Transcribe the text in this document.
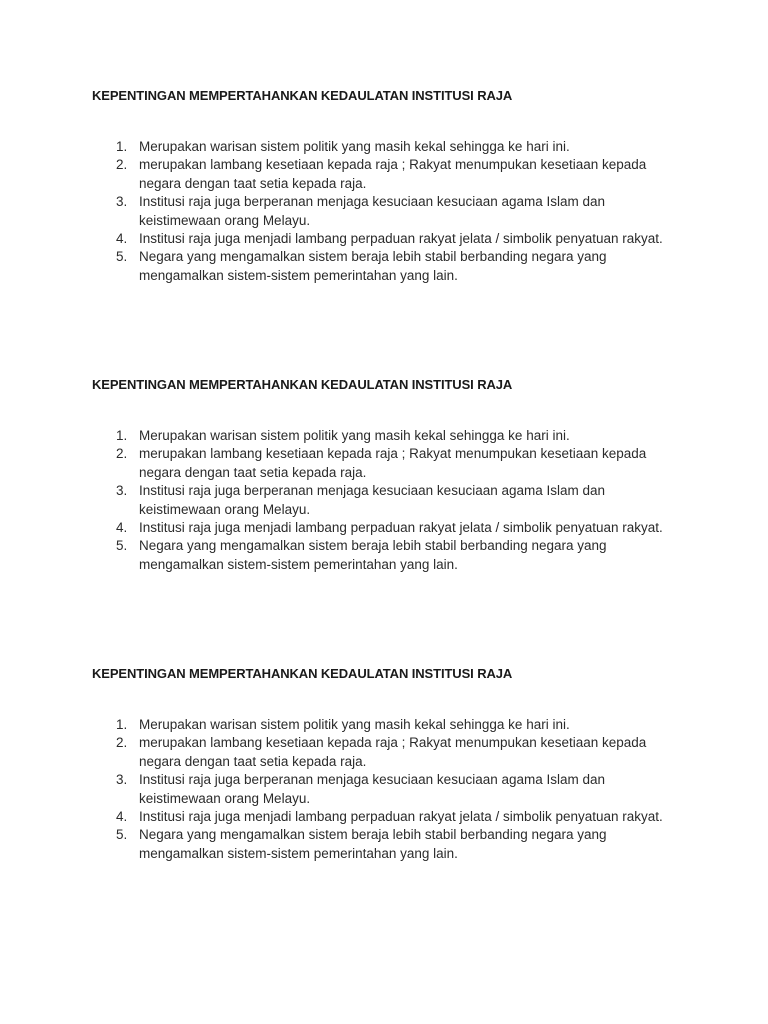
KEPENTINGAN MEMPERTAHANKAN KEDAULATAN INSTITUSI RAJA
1. Merupakan warisan sistem politik yang masih kekal sehingga ke hari ini.
2. merupakan lambang kesetiaan kepada raja ; Rakyat menumpukan kesetiaan kepada negara dengan taat setia kepada raja.
3. Institusi raja juga berperanan menjaga kesuciaan kesuciaan agama Islam dan keistimewaan orang Melayu.
4. Institusi raja juga menjadi lambang perpaduan rakyat jelata / simbolik penyatuan rakyat.
5. Negara yang mengamalkan sistem beraja lebih stabil berbanding negara yang mengamalkan sistem-sistem pemerintahan yang lain.
KEPENTINGAN MEMPERTAHANKAN KEDAULATAN INSTITUSI RAJA
1. Merupakan warisan sistem politik yang masih kekal sehingga ke hari ini.
2. merupakan lambang kesetiaan kepada raja ; Rakyat menumpukan kesetiaan kepada negara dengan taat setia kepada raja.
3. Institusi raja juga berperanan menjaga kesuciaan kesuciaan agama Islam dan keistimewaan orang Melayu.
4. Institusi raja juga menjadi lambang perpaduan rakyat jelata / simbolik penyatuan rakyat.
5. Negara yang mengamalkan sistem beraja lebih stabil berbanding negara yang mengamalkan sistem-sistem pemerintahan yang lain.
KEPENTINGAN MEMPERTAHANKAN KEDAULATAN INSTITUSI RAJA
1. Merupakan warisan sistem politik yang masih kekal sehingga ke hari ini.
2. merupakan lambang kesetiaan kepada raja ; Rakyat menumpukan kesetiaan kepada negara dengan taat setia kepada raja.
3. Institusi raja juga berperanan menjaga kesuciaan kesuciaan agama Islam dan keistimewaan orang Melayu.
4. Institusi raja juga menjadi lambang perpaduan rakyat jelata / simbolik penyatuan rakyat.
5. Negara yang mengamalkan sistem beraja lebih stabil berbanding negara yang mengamalkan sistem-sistem pemerintahan yang lain.
